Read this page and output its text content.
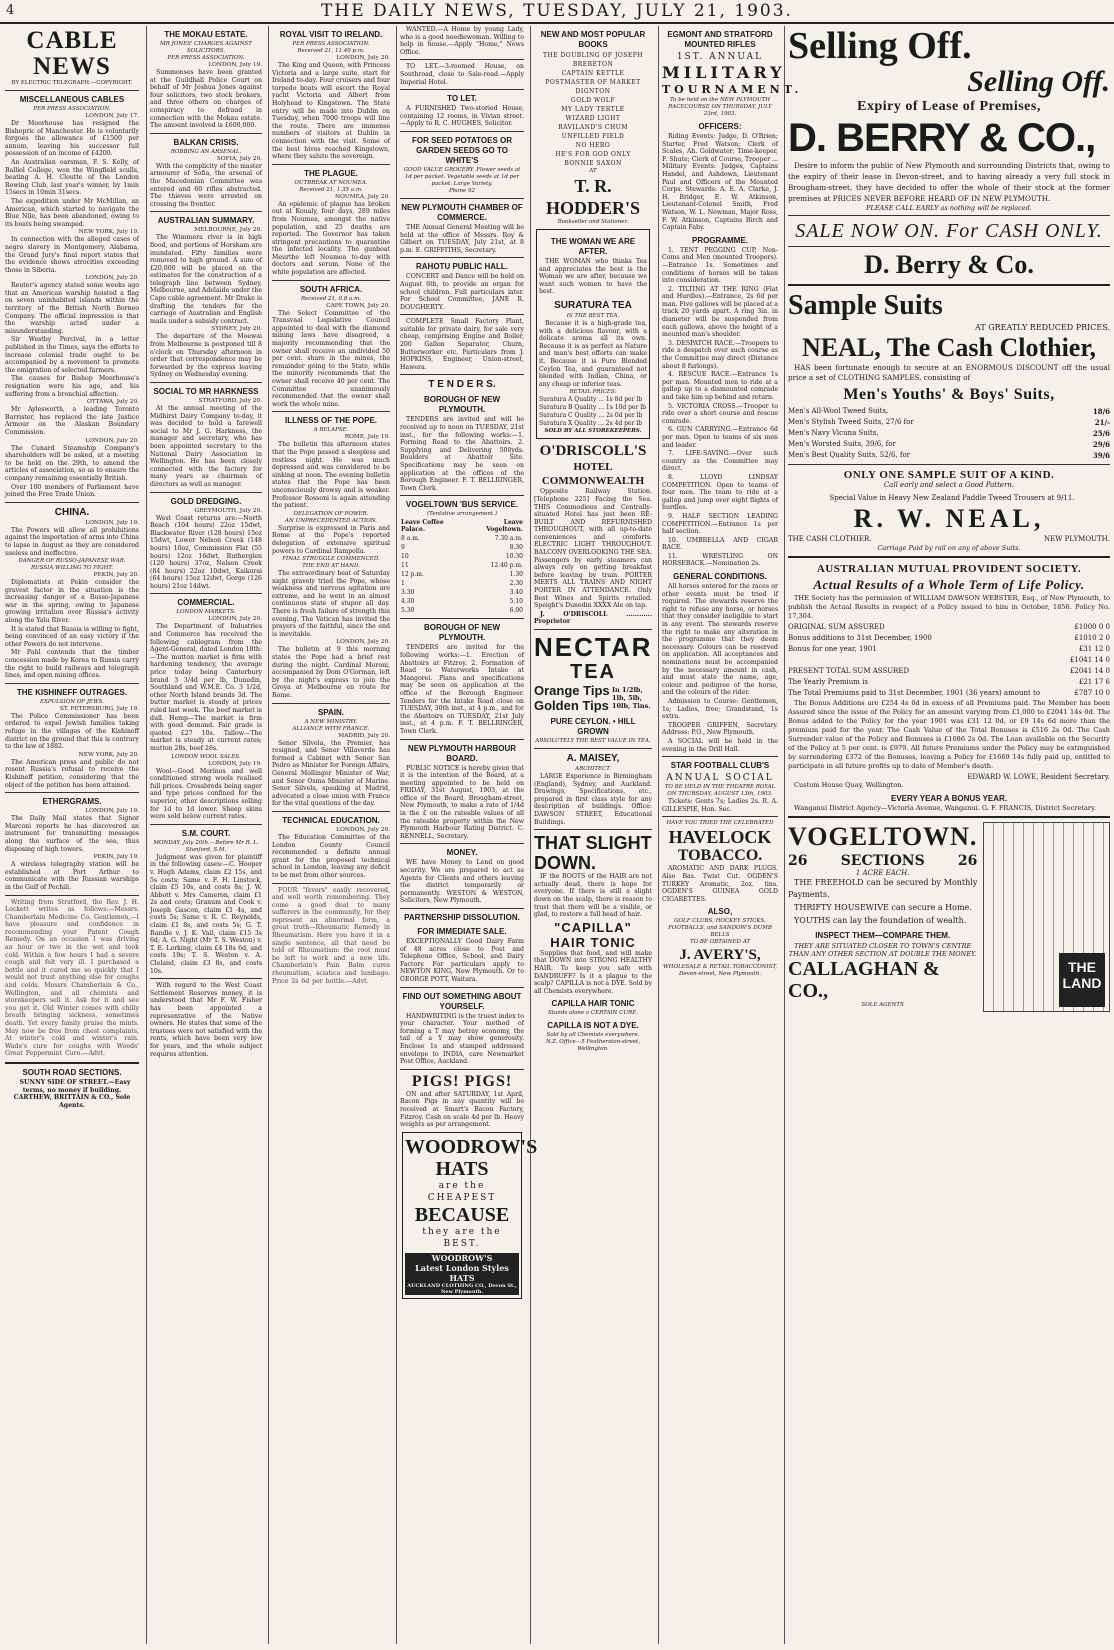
4	THE DAILY NEWS, TUESDAY, JULY 21, 1903.
CABLE NEWS
BY ELECTRIC TELEGRAPH.—COPYRIGHT.
MISCELLANEOUS CABLES
PER PRESS ASSOCIATION.
LONDON, July 17.
Dr Moorhouse has resigned the Bishopric of Manchester. He is voluntarily forgoes the allowance of £1500 per annum, leaving his successor full possession of an income of £4200.
An Australian oarsman, F. S. Kelly, of Balliol College, won the Wingfield sculls, beating A. H. Cloutte of the London Rowing Club, last year's winner, by 1min 15secs in 10min 31secs.
The expedition under Mr McMillan, an American, which started to navigate the Blue Nile, has been abandoned, owing to its boats being swamped.
NEW YORK, July 19.
In connection with the alleged cases of negro slavery in Montgomery, Alabama, the Grand Jury's final report states that the evidence shows atrocities exceeding those in Siberia.
LONDON, July 20.
Reuter's agency stated some weeks ago that an American warship hoisted a flag on seven uninhabited islands within the territory of the British North Borneo Company. The official impression is that the warship acted under a misunderstanding.
Sir Westby Percival, in a letter published in the Times, says the efforts to increase colonial trade ought to be accompanied by a movement to promote the emigration of selected farmers.
The causes for Bishop Moorhouse's resignation were his age, and his suffering from a bronchial affection.
OTTAWA, July 20.
Mr Aylesworth, a leading Toronto Barrister, has replaced the late Justice Armour on the Alaskan Boundary Commission.
LONDON, July 20.
The Cunard Steamship Company's shareholders will be asked, at a meeting to be held on the 29th, to amend the articles of association, so as to ensure the company remaining essentially British.
Over 100 members of Parliament have joined the Free Trade Union.
CHINA.
LONDON, July 19.
The Powers will allow all prohibitions against the importation of arms into China to lapse in August as they are considered useless and ineffective.
DANGER OF RUSSO-JAPANESE WAR.
RUSSIA WILLING TO FIGHT.
PEKIN, July 20.
Diplomatists at Pekin consider the gravest factor in the situation is the increasing danger of a Russo-Japanese war in the spring, owing to Japanese growing irritation over Russia's activity along the Yalu River.
It is stated that Russia is willing to fight, being convinced of an easy victory if the other Powers do not intervene.
Mr Pahl contends that the timber concession made by Korea to Russia carry the right to build railways and telegraph lines, and open mining offices.
THE KISHINEFF OUTRAGES.
EXPULSION OF JEWS.
ST. PETERSBURG, July 19.
The Police Commissioner has been ordered to expel Jewish families taking refuge in the villages of the Kishineff district on the ground that this is contrary to the law of 1882.
NEW YORK, July 20.
The American press and public do not resent Russia's refusal to receive the Kishineff petition, considering that the object of the petition has been attained.
ETHERGRAMS.
LONDON, July 19.
The Daily Mail states that Signor Marconi reports he has discovered an instrument for transmitting messages along the surface of the sea, thus disposing of high towers.
PEKIN, July 19.
A wireless telegraphy station will be established at Port Arthur to communicate with the Russian warships in the Gulf of Pechili.
Writing from Stratford, the Rev. J. H. Lockett writes as follows:—Messrs. Chamberlain Medicine Co. Gentlemen,—I have pleasure and confidence in recommending your Patent Cough Remedy. On an occasion I was driving an hour or two in the wet and took cold. Within a few hours I had a severe cough and felt very ill. I purchased a bottle and it cured me so quickly that I would not trust anything else for coughs and colds. Messrs Chamberlain & Co., Wellington, and all chemists and storekeepers sell it. Ask for it and see you get it. Old Winter comes with chilly breath bringing sickness, sometimes death. Yet every family praise the mints. May now be free from chest complaints, At winter's cold and winter's rain. Wade's cure for coughs with Woods' Great Peppermint Cure.—Advt.
SOUTH ROAD SECTIONS.
SUNNY SIDE OF STREET.—Easy terms, no money if building. CARTHEW, BRITTAIN & CO., Sole Agents.
THE MOKAU ESTATE.
MR JONES' CHARGES AGAINST SOLICITORS.
PER PRESS ASSOCIATION.
LONDON, July 19.
Summonses have been granted at the Guildhall Police Court on behalf of Mr Joshua Jones against four solicitors, two stock brokers, and three others on charges of conspiracy to defraud in connection with the Mokau estate. The amount involved is £600,000.
BALKAN CRISIS.
ROBBING AN ARSENAL.
SOFIA, July 20.
With the complicity of the master armourer of Sofia, the arsenal of the Macedonian Committee was entered and 60 rifles abstracted. The thieves were arrested on crossing the frontier.
AUSTRALIAN SUMMARY.
MELBOURNE, July 20.
The Wimmera river is in high flood, and portions of Horsham are inundated. Fifty families were removed to high ground. A sum of £20,000 will be placed on the estimates for the construction of a telegraph line between Sydney, Melbourne, and Adelaide under the Cape cable agreement. Mr Drake is drafting the tenders for the carriage of Australian and English mails under a subsidy contract.
SYDNEY, July 20.
The departure of the Moewai from Melbourne is postponed till 8 o'clock on Thursday afternoon in order that correspondence may be forwarded by the express leaving Sydney on Wednesday evening.
SOCIAL TO MR HARKNESS
STRATFORD, July 20.
At the annual meeting of the Midhirst Dairy Company to-day, it was decided to hold a farewell social to Mr J. G. Harkness, the manager and secretary, who has been appointed secretary to the National Dairy Association in Wellington. He has been closely connected with the factory for many years as chairman of directors as well as manager.
GOLD DREDGING.
GREYMOUTH, July 20.
West Coast returns are:—North Beach (104 hours) 22oz 15dwt, Blackwater River (128 hours) 15oz 15dwt, Lower Nelson Creek (148 hours) 10oz, Commission Flat (55 hours) 12oz 16dwt, Rutherglen (120 hours) 37oz, Nelson Creek (84 hours) 22oz 10dwt, Kaikorai (64 hours) 15oz 12dwt, Gorge (126 hours) 21oz 14dwt.
COMMERCIAL.
LONDON MARKETS.
LONDON, July 20.
The Department of Industries and Commerce has received the following cablegram from the Agent-General, dated London 18th:—The mutton market is firm with hardening tendency, the average price today being Canterbury brand 3 3/4d per lb, Dunedin, Southland and W.M.E. Co. 3 1/2d, other North Island brands 3d. The butter market is steady at prices ruled last week. The beef market is dull. Hemp—The market is firm with good demand. Fair grade is quoted £27 10s. Tallow—The market is steady at current rates; mutton 28s, beef 26s.
LONDON WOOL SALES.
LONDON, July 19.
Wool—Good Merinos and well conditioned strong wools realised full prices. Crossbreds being eager and type prices confined for the superior, other descriptions selling for 1d to 1d lower. Sheep skins were sold below current rates.
S.M. COURT.
MONDAY, July 20th.—Before Mr R. L. Stanford, S.M.
Judgment was given for plaintiff in the following cases:—C. Hooper v. Hugh Adams, claim £2 15s, and 5s costs; Same v. F. H. Linstock, claim £5 10s, and costs 8s; J. W. Abbott v. Mrs Cameron, claim £1 2s and costs; Granum and Cook v. Joseph Gascon, claim £1 4s, and costs 5s; Same v. R. C. Reynolds, claim £1 8s, and costs 5s; G. T. Randle v. J. K. Vail, claim £15 3s 6d; A. G. Night (Mr T. S. Weston) v. T. E. Lorking, claim £4 18s 6d, and costs 19s; T. S. Weston v. A. Cleland, claim £3 8s, and costs 10s.
With regard to the West Coast Settlement Reserves money, it is understood that Mr F. W. Fisher has been appointed a representative of the Native owners. He states that some of the trustees were not satisfied with the rents, which have been very low for years, and the whole subject requires attention.
ROYAL VISIT TO IRELAND.
PER PRESS ASSOCIATION.
Received 21, 11.40 p.m.
LONDON, July 20.
The King and Queen, with Princess Victoria and a large suite, start for Ireland to-day. Four cruisers and four torpedo boats will escort the Royal yacht Victoria and Albert from Holyhead to Kingstown. The State entry will be made into Dublin on Tuesday, when 7000 troops will line the route. There are immense numbers of visitors at Dublin in connection with the visit. Some of the best hives reached Kingstown, where they salute the sovereign.
THE PLAGUE.
OUTBREAK AT NOUMEA.
Received 21, 1.35 a.m.
NOUMEA, July 20.
An epidemic of plague has broken out at Koualy, four days, 289 miles from Noumea, amongst the native population, and 25 deaths are reported. The Governor has taken stringent precautions to quarantine the infected locality. The gunboat Meurthe left Noumea to-day with doctors and serum. None of the white population are affected.
SOUTH AFRICA.
Received 21, 0.8 a.m.
CAPE TOWN, July 20.
The Select Committee of the Transvaal Legislative Council appointed to deal with the diamond mining laws have disagreed, a majority recommending that the owner shall receive an undivided 50 per cent. share in the mines, the remainder going to the State, while the minority recommends that the owner shall receive 40 per cent. The Committee unanimously recommended that the owner shall work the whole mine.
ILLNESS OF THE POPE.
A RELAPSE.
ROME, July 19.
The bulletin this afternoon states that the Pope passed a sleepless and restless night. He was much depressed and was considered to be sinking at noon. The evening bulletin states that the Pope has been unconsciously drowsy and is weaker. Professor Rossoni is again attending the patient.
DELEGATION OF POWER.
AN UNPRECEDENTED ACTION.
Surprise is expressed in Paris and Rome at the Pope's reported delegation of extensive spiritual powers to Cardinal Rampolla.
FINAL STRUGGLE COMMENCED.
THE END AT HAND.
The extraordinary heat of Saturday night gravely tried the Pope, whose weakness and nervous agitation are extreme, and he went in an almost continuous state of stupor all day. There is fresh failure of strength this evening. The Vatican has invited the prayers of the faithful, since the end is inevitable.
LONDON, July 20.
The bulletin at 9 this morning states the Pope had a brief rest during the night. Cardinal Moroni, accompanied by Dom O'Gorman, left by the night's express to join the Groya at Melbourne en route for Rome.
SPAIN.
A NEW MINISTRY.
ALLIANCE WITH FRANCE.
MADRID, July 20.
Senor Silvela, the Premier, has resigned, and Senor Villaverde has formed a Cabinet with Senor San Pedro as Minister for Foreign Affairs, General Mollinger Minister of War, and Senor Osma Minister of Marine. Senor Silvela, speaking at Madrid, advocated a close union with France for the vital questions of the day.
TECHNICAL EDUCATION.
LONDON, July 20.
The Education Committee of the London County Council recommended a definite annual grant for the proposed technical school in London, leaving any deficit to be met from other sources.
FOUR "fevers" easily recovered, and well worth remembering. They come a good deal to many sufferers in the community, for they represent an abnormal form, a great truth—Rheumatic Remedy in Rheumatism. Here you have it in a single sentence, all that need be told of Rheumatism: the root must be left to work and a new life. Chamberlain's Pain Balm cures rheumatism, sciatica and lumbago. Price 2s 6d per bottle.—Advt.
WANTED.—A Home by young Lady, who is a good needlewoman. Willing to help in house.—Apply "Home," News Office.
TO LET.—3-roomed House, on Southroad, close to Sale-road.—Apply Imperial Hotel.
TO LET.
A FURNISHED Two-storied House, containing 12 rooms, in Vivian street.—Apply to R. C. HUGHES, Solicitor.
FOR SEED POTATOES OR GARDEN SEEDS GO TO WHITE'S
GOOD VALUE GROCERY. Flower seeds at 1d per packet. Vegetable seeds at 1d per packet. Large Variety.
Phone 92
NEW PLYMOUTH CHAMBER OF COMMERCE.
THE Annual General Meeting will be held at the office of Messrs. Roy & Gilbert on TUESDAY, July 21st, at 8 p.m. E. GRIFFITHS, Secretary.
RAHOTU PUBLIC HALL.
CONCERT and Dance will be held on August 6th, to provide an organ for school children. Full particulars later. For School Committee, JANE R. DOUGHERTY.
COMPLETE Small Factory Plant, suitable for private dairy, for sale very cheap, comprising Engine and Boiler, 200 Gallon Separator, Churn, Butterworker etc. Particulars from J. HOPKINS, Engineer, Union-street, Hawera.
T E N D E R S.
BOROUGH OF NEW PLYMOUTH.
TENDERS are invited and will be received up to noon on TUESDAY, 21st inst., for the following works:—1. Forming Road to the Abattoirs. 2. Supplying and Delivering 500yds. Boulders at Abattoir Site. Specifications may be seen on application at the offices of the Borough Engineer. F. T. BELLRINGER, Town Clerk.
VOGELTOWN 'BUS SERVICE.
(Tentative arrangement.)
Leave Coffee Palace.	Leave Vogeltown.
8 a.m.	7.30 a.m.
9	8.30
10	10.30
11	12.40 p.m.
12 p.m.	1.30
1	2.30
3.30	3.40
4.30	5.10
5.30	6.00
BOROUGH OF NEW PLYMOUTH.
TENDERS are invited for the following works:—1. Erection of Abattoirs at Fitzroy. 2. Formation of Road to Waterworks Intake at Mangorei. Plans and specifications may be seen on application at the office of the Borough Engineer. Tenders for the Intake Road close on TUESDAY, 30th inst., at 4 p.m., and for the Abattoirs on TUESDAY, 21st July inst., at 4 p.m. F. T. BELLRINGER, Town Clerk.
NEW PLYMOUTH HARBOUR BOARD.
PUBLIC NOTICE is hereby given that it is the intention of the Board, at a meeting appointed to be held on FRIDAY, 31st August, 1903, at the office of the Board, Brougham-street, New Plymouth, to make a rate of 1/4d in the £ on the rateable values of all the rateable property within the New Plymouth Harbour Rating District. C. RENNELL, Secretary.
MONEY.
WE have Money to Lend on good security. We are prepared to act as Agents for Clients and others leaving the district temporarily or permanently. WESTON & WESTON, Solicitors, New Plymouth.
PARTNERSHIP DISSOLUTION.
FOR IMMEDIATE SALE.
EXCEPTIONALLY Good Dairy Farm of 48 acres close to Post and Telephone Office, School, and Dairy Factory. For particulars apply to NEWTON KING, New Plymouth. Or to GEORGE POTT, Waitara.
FIND OUT SOMETHING ABOUT YOURSELF.
HANDWRITING is the truest index to your character. Your method of forming a T may betray economy, the tail of a Y may show generosity. Enclose 1s and stamped addressed envelope to INDIA, care Newmarket Post Office, Auckland.
PIGS! PIGS!
ON and after SATURDAY, 1st April, Bacon Pigs in any quantity will be received at Smart's Bacon Factory, Fitzroy. Cash on scale 4d per lb. Heavy weights as per arrangement.
WOODROW'S
HATS
are the CHEAPEST
BECAUSE
they are the BEST.
WOODROW'S
Latest London Styles
HATS
AUCKLAND CLOTHING CO., Devon St., New Plymouth.
NEW AND MOST POPULAR BOOKS
THE DOUBLING OF JOSEPH BRERETON
CAPTAIN KETTLE
POSTMASTER OF MARKET DIGNTON
GOLD WOLF
MY LADY TERTLE
WIZARD LIGHT
RAVILAND'S CHUM
UNFILLED FIELD
NO HERO
HE'S FOR GOD ONLY
BONNIE SAXON
AT
T. R. HODDER'S
Bookseller and Stationer.
THE WOMAN WE ARE AFTER.
THE WOMAN who thinks Tea and appreciates the best is the Woman we are after, because we want such women to have the best.
SURATURA TEA
IS THE BEST TEA.
Because it is a high-grade tea, with a delicious flavour, with a delicate aroma all its own. Because it is as perfect as Nature and man's best efforts can make it. Because it is Pure Blended Ceylon Tea, and guaranteed not blended with Indian, China, or any cheap or inferior teas.
RETAIL PRICES:
Suratura A Quality ... 1s 8d per lb
Suratura B Quality ... 1s 10d per lb
Suratura C Quality ... 2s 0d per lb
Suratura X Quality ... 2s 4d per lb
SOLD BY ALL STOREKEEPERS.
O'DRISCOLL'S
HOTEL COMMONWEALTH
Opposite Railway Station. [Telephone 225] Facing the Sea. THIS Commodious and Centrally-situated Hotel has just been RE-BUILT AND REFURNISHED THROUGHOUT, with all up-to-date conveniences and comforts. ELECTRIC LIGHT THROUGHOUT. BALCONY OVERLOOKING THE SEA. Passengers by early steamers can always rely on getting breakfast before leaving by train. PORTER MEETS ALL TRAINS AND NIGHT PORTER IN ATTENDANCE. Only Best Wines and Spirits retailed. Speight's Dunedin XXXX Ale on tap.
J. O'DRISCOLL ............ Proprietor
NECTAR
TEA
Orange Tips
Golden Tips
In 1/2lb, 1lb, 5lb, 10lb, Tins.
PURE CEYLON. • HILL GROWN
ABSOLUTELY THE BEST VALUE IN TEA.
A. MAISEY,
ARCHITECT.
LARGE Experience in Birmingham (England), Sydney, and Auckland. Drawings, Specifications, etc., prepared in first class style for any description of buildings. Office: DAWSON STREET, Educational Buildings.
THAT SLIGHT DOWN.
IF the ROOTS of the HAIR are not actually dead, there is hope for everyone. If there is still a slight down on the scalp, there is reason to trust that there will be a visible, or glad, to restore a full head of hair.
"CAPILLA" HAIR TONIC
Supplies that food, and will make that DOWN into STRONG HEALTHY HAIR. To keep you safe with DANDRUFF? Is it a plague to the scalp? CAPILLA is not a DYE. Sold by all Chemists everywhere.
CAPILLA HAIR TONIC
Stands alone a CERTAIN CURE.
CAPILLA IS NOT A DYE.
Sold by all Chemists everywhere.
N.Z. Office—5 Featherston-street, Wellington.
EGMONT AND STRATFORD MOUNTED RIFLES
1ST. ANNUAL
MILITARY
TOURNAMENT.
To be held on the NEW PLYMOUTH RACECOURSE ON THURSDAY, JULY 23rd, 1903.
OFFICERS:
Riding Events: Judge, D. O'Brien; Starter, Fred Watson; Clerk of Scales, Ah. Goldwater; Time-keeper, F. Shute; Clerk of Course, Trooper ... Military Events: Judges, Captains Handel, and Ashdown, Lieutenant Paul and Officers of the Mounted Corps. Stewards: A. E. A. Clarke, J. H. Bridger, E. W. Atkinson, Lieutenant-Colonel Smith, Fred Watson, W. L. Newman, Major Ross, F. W. Atkinson, Captains Birch and Captain Faby.
PROGRAMME.
1. TENT PEGGING CUP, Non-Coms and Men (mounted Troopers).—Entrance 1s. Sometimes and conditions of horses will be taken into consideration.
2. TILTING AT THE RING (Flat and Hurdles).—Entrance, 2s 6d per man. Five gallows will be placed at a track 20 yards apart. A ring 3in. in diameter will be suspended from each gallows, above the height of a mounted man's shoulder.
3. DESPATCH RACE.—Troopers to ride a despatch over such course as the Committee may direct (Distance about 8 furlongs).
4. RESCUE RACE.—Entrance 1s per man. Mounted men to ride at a gallop up to a dismounted comrade and take him up behind and return.
5. VICTORIA CROSS.—Trooper to ride over a short course and rescue comrade.
6. GUN CARRYING.—Entrance 6d per man. Open to teams of six men and leader.
7. LIFE-SAVING.—Over such country as the Committee may direct.
8. LLOYD LINDSAY COMPETITION. Open to teams of four men. The team to ride at a gallop and jump over eight flights of hurdles.
9. HALF SECTION LEADING COMPETITION.—Entrance 1s per half section.
10. UMBRELLA AND CIGAR RACE.
11. WRESTLING ON HORSEBACK.—Nomination 2s.
GENERAL CONDITIONS.
All horses entered for the races or other events must be tried if required. The stewards reserve the right to refuse any horse, or horses that they consider ineligible to start in any event. The stewards reserve the right to make any alteration in the programme that they deem necessary. Colours can be reserved on application. All acceptances and nominations must be accompanied by the necessary amount in cash, and must state the name, age, colour and pedigree of the horse, and the colours of the rider.
Admission to Course: Gentlemen, 1s; Ladies, free; Grandstand, 1s extra.
TROOPER GRIFFEN, Secretary. Address: P.O., New Plymouth.
A SOCIAL will be held in the evening in the Drill Hall.
STAR FOOTBALL CLUB'S
ANNUAL SOCIAL
TO BE HELD IN THE THEATRE ROYAL
ON THURSDAY, AUGUST 13th, 1903.
Tickets: Gents 7s; Ladies 2s. R. A. GILLESPIE, Hon. Sec.
HAVE YOU TRIED THE CELEBRATED
HAVELOCK
TOBACCO.
AROMATIC AND DARK PLUGS. Also Bas. Twist Cut. OGDEN'S TURKEY Aromatic, 2oz. tins. OGDEN'S GUINEA GOLD CIGARETTES.
ALSO,
GOLF CLUBS, HOCKEY STICKS, FOOTBALLS, and SANDOW'S DUMB BELLS
TO BE OBTAINED AT
J. AVERY'S,
WHOLESALE & RETAIL TOBACCONIST, Devon-street, New Plymouth.
Selling Off.
Selling Off.
Expiry of Lease of Premises,
D. BERRY & CO.,
Desire to inform the public of New Plymouth and surrounding Districts that, owing to the expiry of their lease in Devon-street, and to having already a very full stock in Brougham-street, they have decided to offer the whole of their stock at the former premises at PRICES NEVER BEFORE HEARD OF IN NEW PLYMOUTH.
PLEASE CALL EARLY as nothing will be replaced.
SALE NOW ON. For CASH ONLY.
D. Berry & Co.
Sample Suits
AT GREATLY REDUCED PRICES.
NEAL, The Cash Clothier,
HAS been fortunate enough to secure at an ENORMOUS DISCOUNT off the usual price a set of CLOTHING SAMPLES, consisting of
Men's Youths' & Boys' Suits,
Men's All-Wool Tweed Suits,	18/6
Men's Stylish Tweed Suits, 27/6 for	21/-
Men's Navy Vicuna Suits,	25/6
Men's Worsted Suits, 39/6, for	29/6
Men's Best Quality Suits, 52/6, for	39/6
ONLY ONE SAMPLE SUIT OF A KIND.
Call early and select a Good Pattern.
Special Value in Heavy New Zealand Paddle Tweed Trousers at 9/11.
R. W. NEAL,
THE CASH CLOTHIER.	NEW PLYMOUTH.
Carriage Paid by rail on any of above Suits.
AUSTRALIAN MUTUAL PROVIDENT SOCIETY.
Actual Results of a Whole Term of Life Policy.
THE Society has the permission of WILLIAM DAWSON WEBSTER, Esq., of New Plymouth, to publish the Actual Results in respect of a Policy issued to him in October, 1856. Policy No. 17,304.
ORIGINAL SUM ASSURED	£1000 0 0
Bonus additions to 31st December, 1900	£1010 2 0
Bonus for one year, 1901	£31 12 0
£1041 14 0
PRESENT TOTAL SUM ASSURED	£2041 14 0
The Yearly Premium is	£21 17 6
The Total Premiums paid to 31st December, 1901 (36 years) amount to	£787 10 0
The Bonus Additions are £254 4s 0d in excess of all Premiums paid. The Member has been Assured since the issue of the Policy for an amount varying from £1,000 to £2041 14s 0d. The Bonus added to the Policy for the year 1901 was £31 12 0d, or £9 14s 6d more than the premium paid for the year. The Cash Value of the Total Bonuses is £516 2s 0d. The Cash Surrender value of the Policy and Bonuses is £1086 2s 0d. The Loan available on the Security of the Policy at 5 per cent. is £979. All future Premiums under the Policy may be extinguished by surrendering £372 of the Bonuses, leaving a Policy for £1669 14s fully paid up, entitled to participate in all future profits up to date of Member's death.
EDWARD W. LOWE, Resident Secretary.
Custom House Quay, Wellington.
EVERY YEAR A BONUS YEAR.
Wanganui District Agency—Victoria Avenue, Wanganui. G. F. FRANCIS, District Secretary.
VOGELTOWN.
26 SECTIONS 26
1 ACRE EACH.
THE FREEHOLD can be secured by Monthly Payments.
THRIFTY HOUSEWIVE can secure a Home.
YOUTHS can lay the foundation of wealth.
INSPECT THEM—COMPARE THEM.
THEY ARE SITUATED CLOSER TO TOWN'S CENTRE THAN ANY OTHER SECTION AT DOUBLE THE MONEY.
CALLAGHAN & CO.,
SOLE AGENTS
THE LAND
